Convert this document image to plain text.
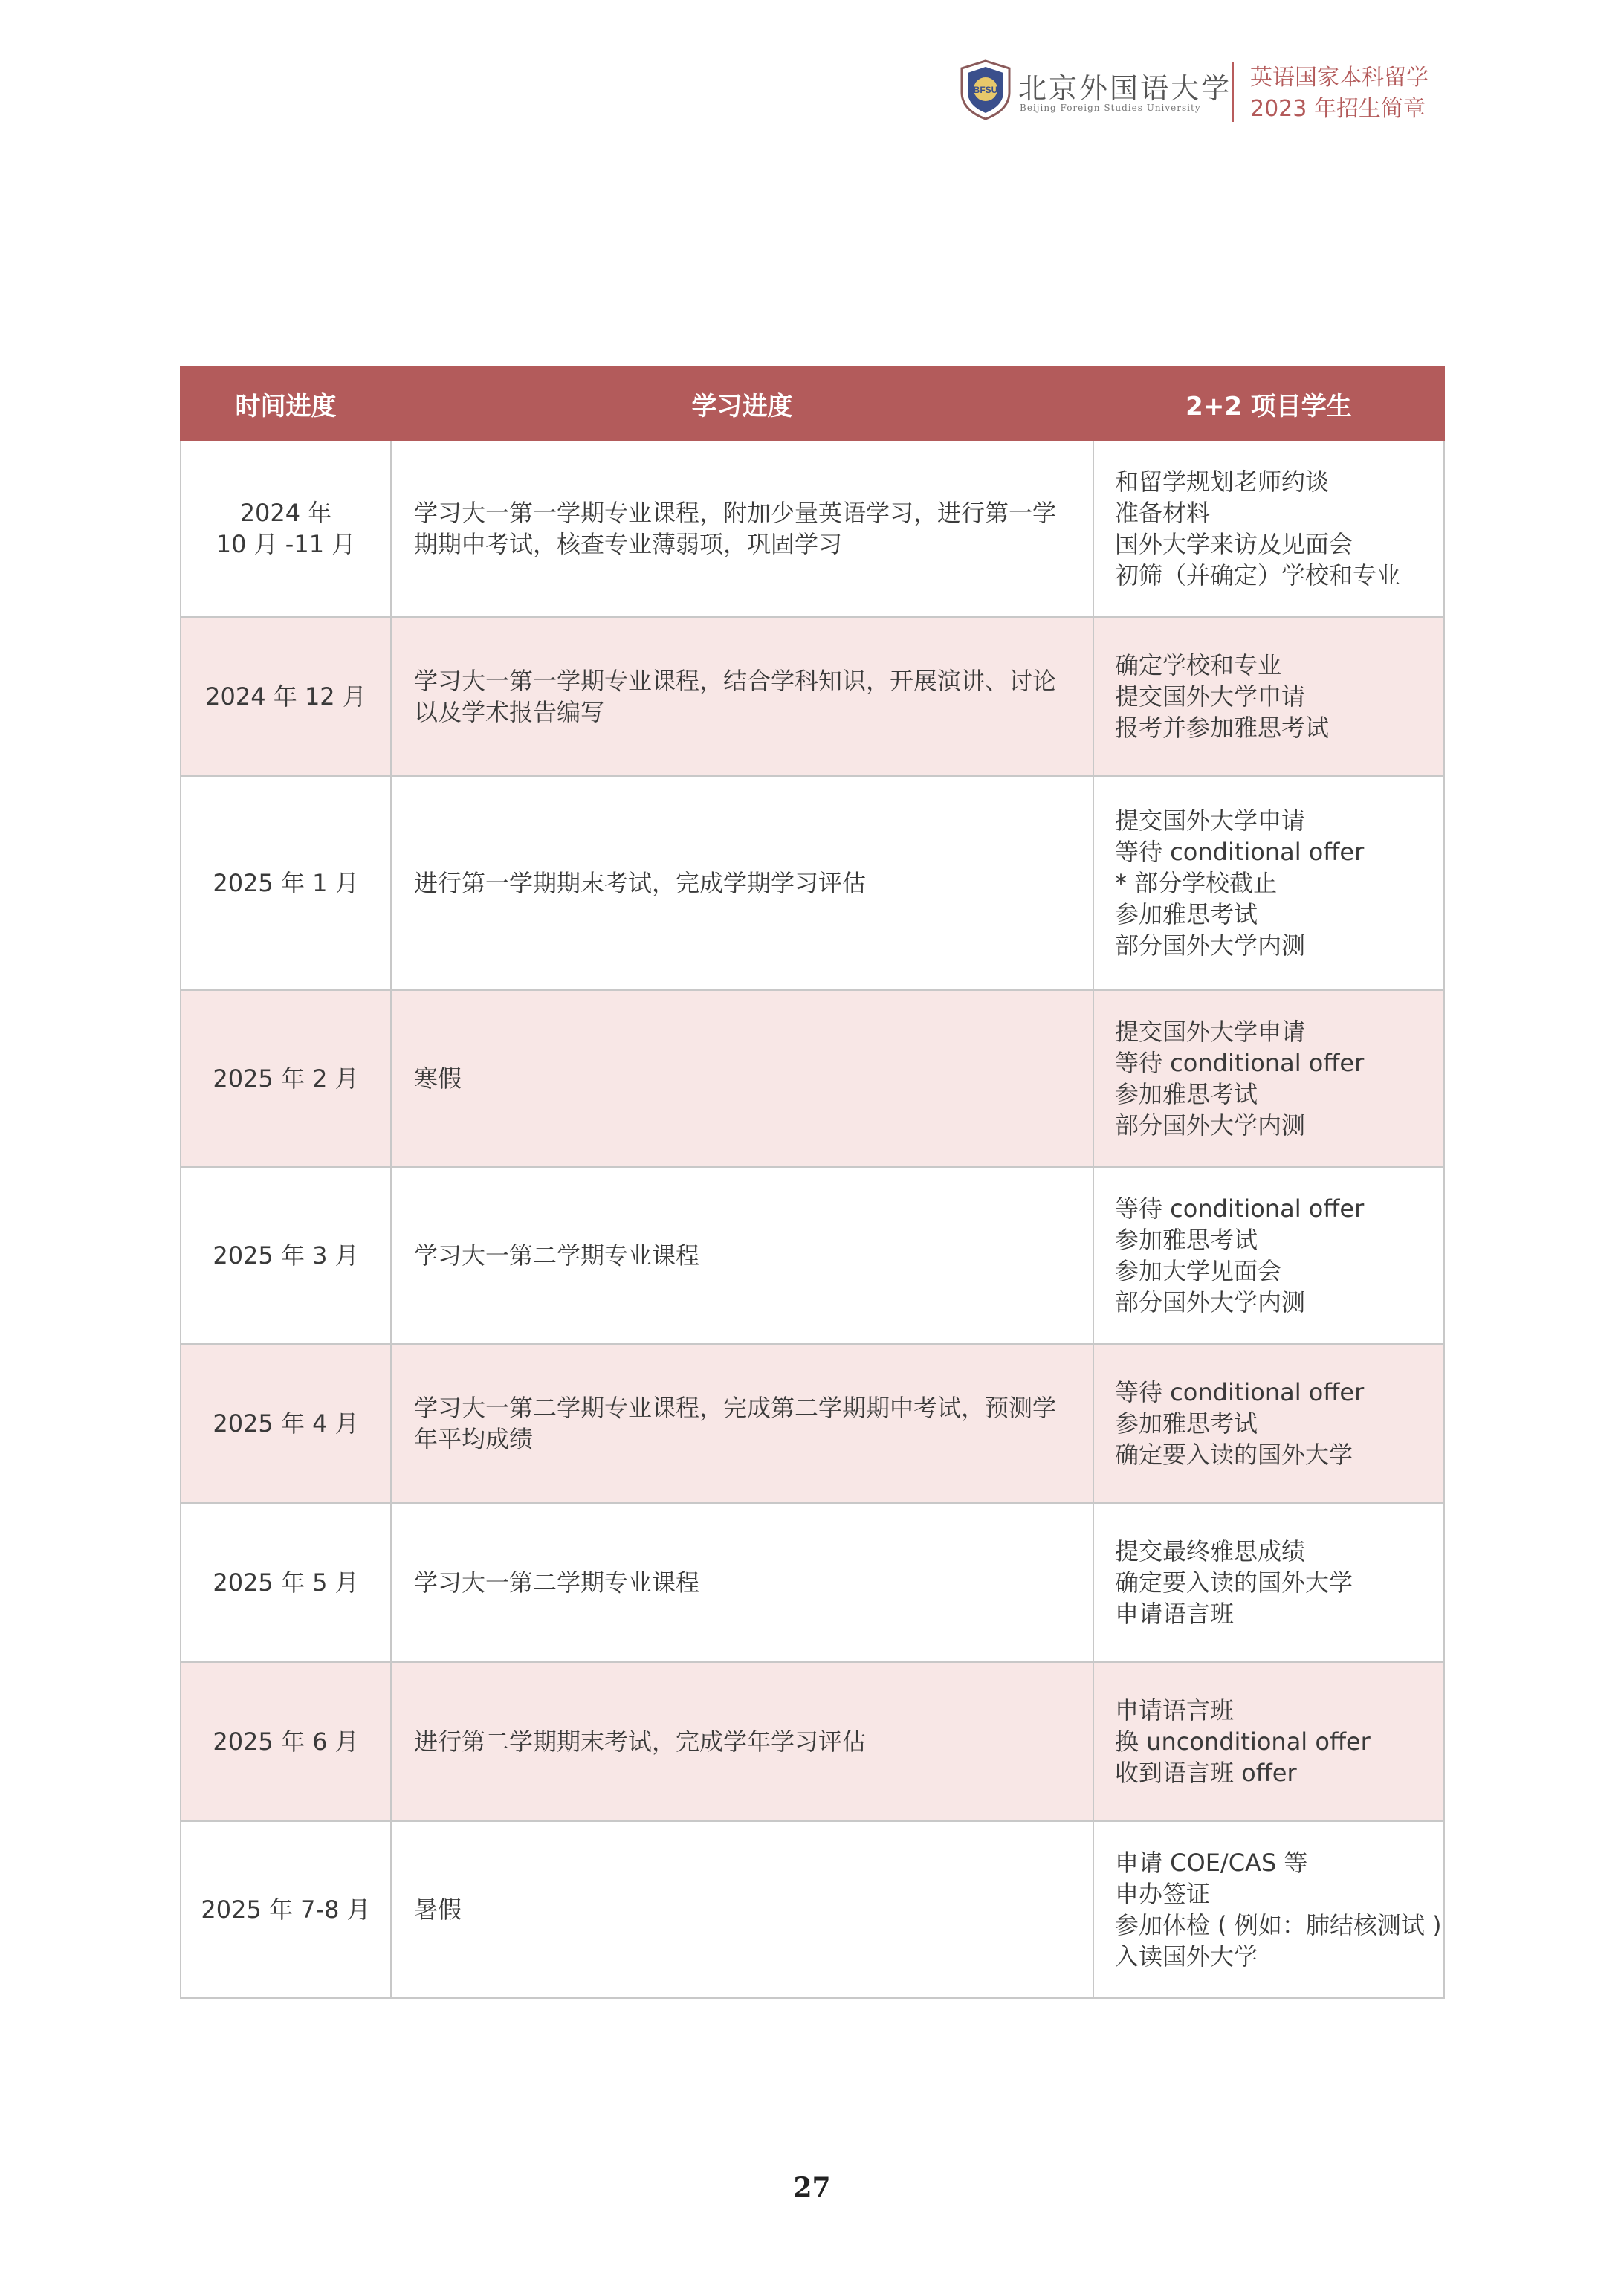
BFSU 北京外国语大学
Beijing Foreign Studies University
英语国家本科留学
2023 年招生简章
时间进度	学习进度	2+2 项目学生

2024 年
10 月 -11 月	学习大一第一学期专业课程，附加少量英语学习，进行第一学期期中考试，核查专业薄弱项，巩固学习	和留学规划老师约谈
准备材料
国外大学来访及见面会
初筛（并确定）学校和专业

2024 年 12 月	学习大一第一学期专业课程，结合学科知识，开展演讲、讨论以及学术报告编写	确定学校和专业
提交国外大学申请
报考并参加雅思考试

2025 年 1 月	进行第一学期期末考试，完成学期学习评估	提交国外大学申请
等待 conditional offer
* 部分学校截止
参加雅思考试
部分国外大学内测

2025 年 2 月	寒假	提交国外大学申请
等待 conditional offer
参加雅思考试
部分国外大学内测

2025 年 3 月	学习大一第二学期专业课程	等待 conditional offer
参加雅思考试
参加大学见面会
部分国外大学内测

2025 年 4 月	学习大一第二学期专业课程，完成第二学期期中考试，预测学年平均成绩	等待 conditional offer
参加雅思考试
确定要入读的国外大学

2025 年 5 月	学习大一第二学期专业课程	提交最终雅思成绩
确定要入读的国外大学
申请语言班

2025 年 6 月	进行第二学期期末考试，完成学年学习评估	申请语言班
换 unconditional offer
收到语言班 offer

2025 年 7-8 月	暑假	申请 COE/CAS 等
申办签证
参加体检 ( 例如：肺结核测试 )
入读国外大学
27
